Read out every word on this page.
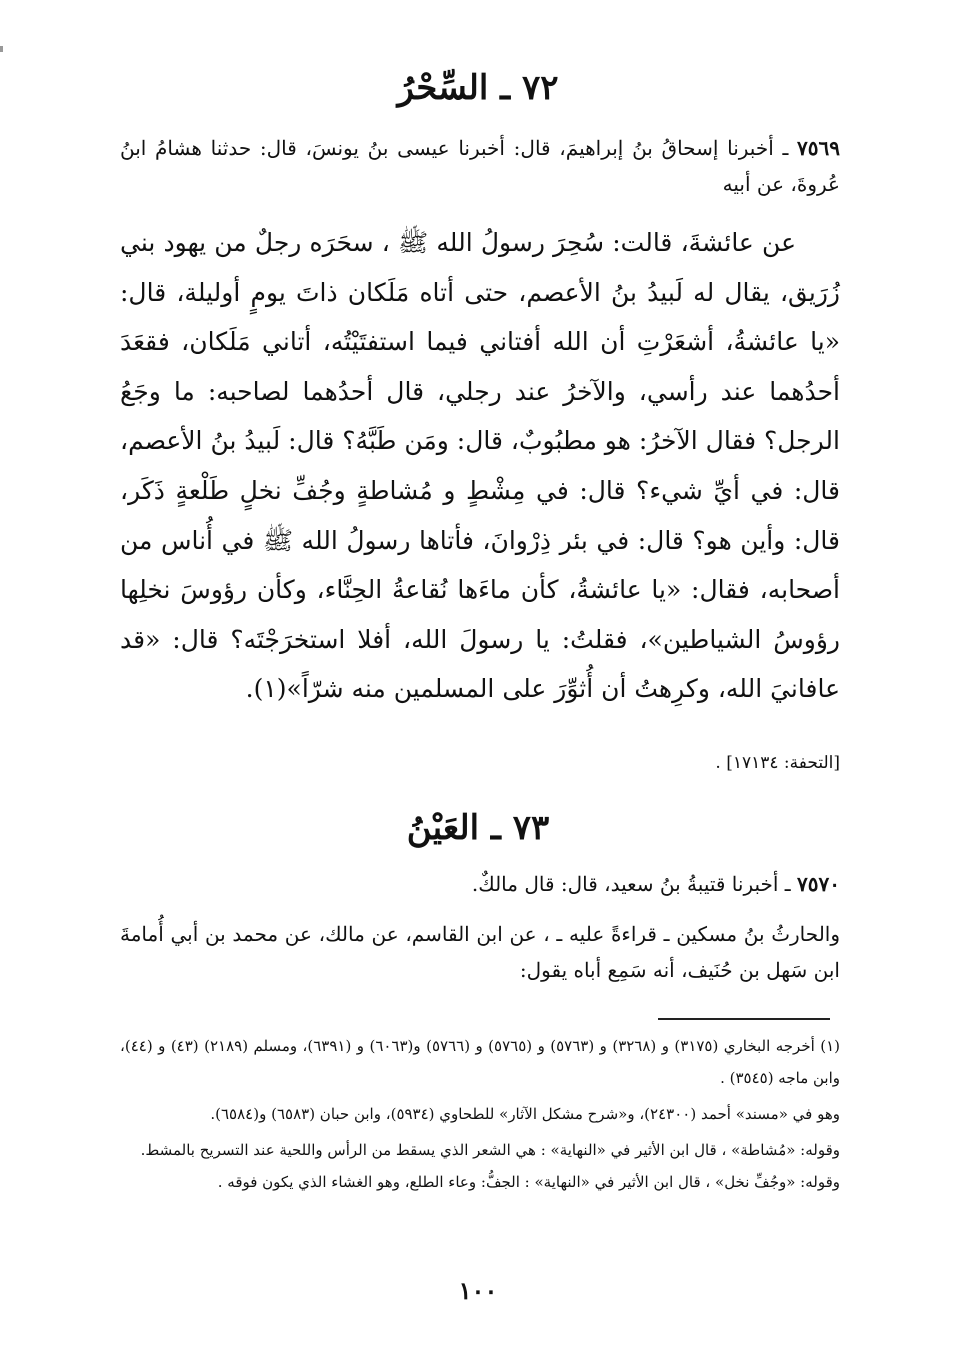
٧٢ ـ السِّحْرُ
٧٥٦٩ ـ أخبرنا إسحاقُ بنُ إبراهيمَ، قال: أخبرنا عيسى بنُ يونسَ، قال: حدثنا هشامُ ابنُ عُروةَ، عن أبيه
عن عائشةَ، قالت: سُحِرَ رسولُ الله ﷺ ، سحَرَه رجلٌ من يهود بني زُرَيق، يقال له لَبيدُ بنُ الأعصم، حتى أتاه مَلَكان ذاتَ يومٍ أوليلة، قال: «يا عائشةُ، أشعَرْتِ أن الله أفتاني فيما استفتَيْتُه، أتاني مَلَكان، فقعَدَ أحدُهما عند رأسي، والآخرُ عند رجلي، قال أحدُهما لصاحبه: ما وجَعُ الرجل؟ فقال الآخرُ: هو مطبُوبٌ، قال: ومَن طَبَّهُ؟ قال: لَبيدُ بنُ الأعصم، قال: في أيِّ شيء؟ قال: في مِشْطٍ و مُشاطةٍ وجُفِّ نخلٍ طَلْعةٍ ذَكَر، قال: وأين هو؟ قال: في بئر ذِرْوانَ، فأتاها رسولُ الله ﷺ في أُناس من أصحابه، فقال: «يا عائشةُ، كأن ماءَها نُقاعةُ الحِنَّاء، وكأن رؤوسَ نخلِها رؤوسُ الشياطين»، فقلتُ: يا رسولَ الله، أفلا استخرَجْتَه؟ قال: «قد عافانيَ الله، وكرِهتُ أن أُثوِّرَ على المسلمين منه شرّاً»(١).
[التحفة: ١٧١٣٤] .
٧٣ ـ العَيْنُ
٧٥٧٠ ـ أخبرنا قتيبةُ بنُ سعيد، قال: قال مالكٌ.
والحارثُ بنُ مسكين ـ قراءةً عليه ـ ، عن ابن القاسم، عن مالك، عن محمد بن أبي أُمامةَ ابن سَهل بن حُنَيف، أنه سَمِع أباه يقول:

(١) أخرجه البخاري (٣١٧٥) و (٣٢٦٨) و (٥٧٦٣) و (٥٧٦٥) و (٥٧٦٦) و(٦٠٦٣) و (٦٣٩١)، ومسلم (٢١٨٩) (٤٣) و (٤٤)، وابن ماجه (٣٥٤٥) .

وهو في «مسند» أحمد (٢٤٣٠٠)، و«شرح مشكل الآثار» للطحاوي (٥٩٣٤)، وابن حبان (٦٥٨٣) و(٦٥٨٤).

وقوله: «مُشاطة» ، قال ابن الأثير في «النهاية» : هي الشعر الذي يسقط من الرأس واللحية عند التسريح بالمشط.

وقوله: «وجُفِّ نخل» ، قال ابن الأثير في «النهاية» : الجفُّ: وعاء الطلع، وهو الغشاء الذي يكون فوقه .

١٠٠
